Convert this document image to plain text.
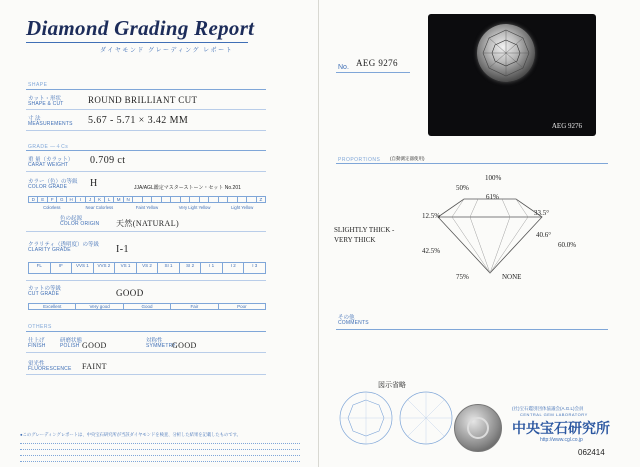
Diamond Grading Report
ダイヤモンド グレーディング レポート
SHAPE
カット・形状
SHAPE & CUT	ROUND BRILLIANT CUT
寸 法
MEASUREMENTS 5.67 - 5.71 × 3.42 MM
GRADE ―４Cs
重 量（カラット）
CARAT WEIGHT 0.709 ct
カラー（色）の等級
COLOR GRADE H	JJA/AGL鑑定マスターストーン・セット No.201
D	E	F	G	H	I	J	K	L	M	N	Z
Colorless	Near Colorless	Faint Yellow	Very Light Yellow	Light Yellow
色の起源
COLOR ORIGIN 天然(NATURAL)
クラリティ（透明度）の等級
CLARITY GRADE	I-1
FL	IF	VVS 1	VVS 2	VS 1	VS 2	SI 1	SI 2	I 1	I 2	I 3
カットの等級
CUT GRADE	GOOD
Excellent	Very good	Good	Fair	Poor
OTHERS
仕上げ
FINISH
研磨状態
POLISH GOOD	対称性
SYMMETRY
GOOD
蛍光性
FLUORESCENCE FAINT
●このグレーディングレポートは、中央宝石研究所が当該ダイヤモンドを検査、分析した結果を記載したものです。
No. AEG 9276
AEG 9276
PROPORTIONS (自動測定器使用)
100%
50%
61%
12.5%	33.5°
SLIGHTLY THICK - VERY THICK
40.6°
60.0%
42.5%
75%	NONE
その他
COMMENTS
図示省略
(社)宝石鑑別団体協議会(A.G.L)会員
CENTRAL GEM LABORATORY
中央宝石研究所
http://www.cgl.co.jp
062414
